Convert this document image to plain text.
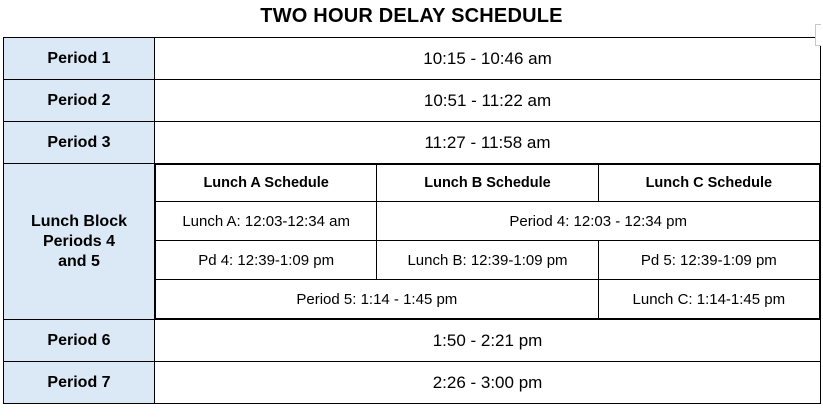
TWO HOUR DELAY SCHEDULE
Period 1	10:15 - 10:46 am
Period 2	10:51 - 11:22 am
Period 3	11:27 - 11:58 am

Lunch Block
Periods 4
and 5

Lunch A Schedule	Lunch B Schedule	Lunch C Schedule
Lunch A: 12:03-12:34 am	Period 4: 12:03 - 12:34 pm
Pd 4: 12:39-1:09 pm	Lunch B: 12:39-1:09 pm	Pd 5: 12:39-1:09 pm
Period 5: 1:14 - 1:45 pm	Lunch C: 1:14-1:45 pm

Period 6	1:50 - 2:21 pm
Period 7	2:26 - 3:00 pm
